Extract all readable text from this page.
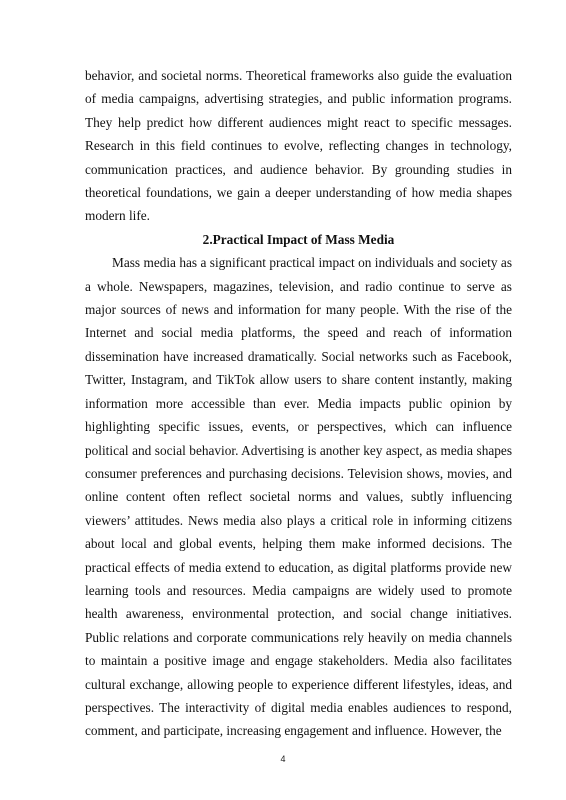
behavior, and societal norms. Theoretical frameworks also guide the evaluation of media campaigns, advertising strategies, and public information programs. They help predict how different audiences might react to specific messages. Research in this field continues to evolve, reflecting changes in technology, communication practices, and audience behavior. By grounding studies in theoretical foundations, we gain a deeper understanding of how media shapes modern life.

2.Practical Impact of Mass Media

Mass media has a significant practical impact on individuals and society as a whole. Newspapers, magazines, television, and radio continue to serve as major sources of news and information for many people. With the rise of the Internet and social media platforms, the speed and reach of information dissemination have increased dramatically. Social networks such as Facebook, Twitter, Instagram, and TikTok allow users to share content instantly, making information more accessible than ever. Media impacts public opinion by highlighting specific issues, events, or perspectives, which can influence political and social behavior. Advertising is another key aspect, as media shapes consumer preferences and purchasing decisions. Television shows, movies, and online content often reflect societal norms and values, subtly influencing viewers’ attitudes. News media also plays a critical role in informing citizens about local and global events, helping them make informed decisions. The practical effects of media extend to education, as digital platforms provide new learning tools and resources. Media campaigns are widely used to promote health awareness, environmental protection, and social change initiatives. Public relations and corporate communications rely heavily on media channels to maintain a positive image and engage stakeholders. Media also facilitates cultural exchange, allowing people to experience different lifestyles, ideas, and perspectives. The interactivity of digital media enables audiences to respond, comment, and participate, increasing engagement and influence. However, the

4
